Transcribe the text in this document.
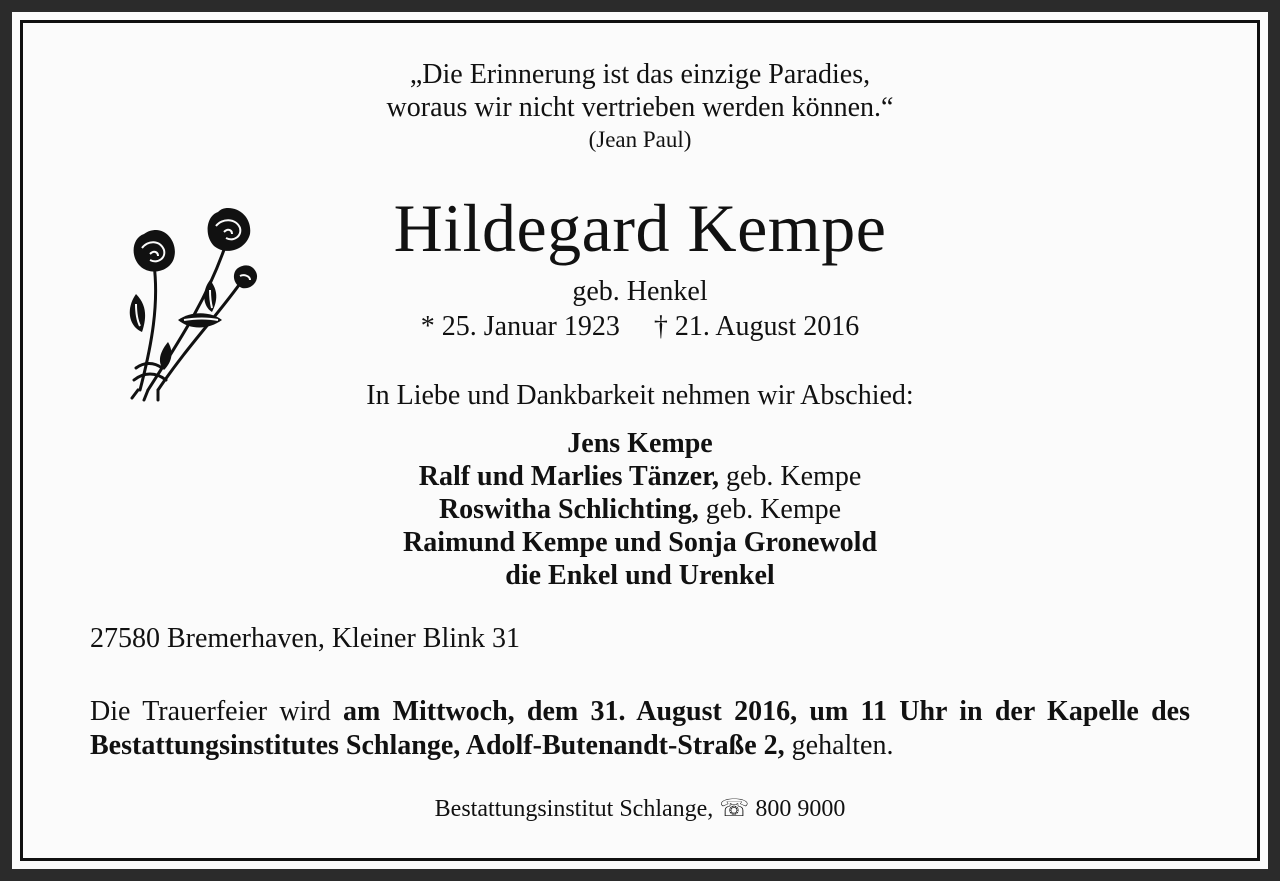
„Die Erinnerung ist das einzige Paradies,
woraus wir nicht vertrieben werden können.“
(Jean Paul)
Hildegard Kempe
geb. Henkel
* 25. Januar 1923 † 21. August 2016
In Liebe und Dankbarkeit nehmen wir Abschied:
Jens Kempe
Ralf und Marlies Tänzer, geb. Kempe
Roswitha Schlichting, geb. Kempe
Raimund Kempe und Sonja Gronewold
die Enkel und Urenkel
27580 Bremerhaven, Kleiner Blink 31
Die Trauerfeier wird am Mittwoch, dem 31. August 2016, um 11 Uhr in der Kapelle des Bestattungsinstitutes Schlange, Adolf-Butenandt-Straße 2, gehalten.
Bestattungsinstitut Schlange, ☏ 800 9000
